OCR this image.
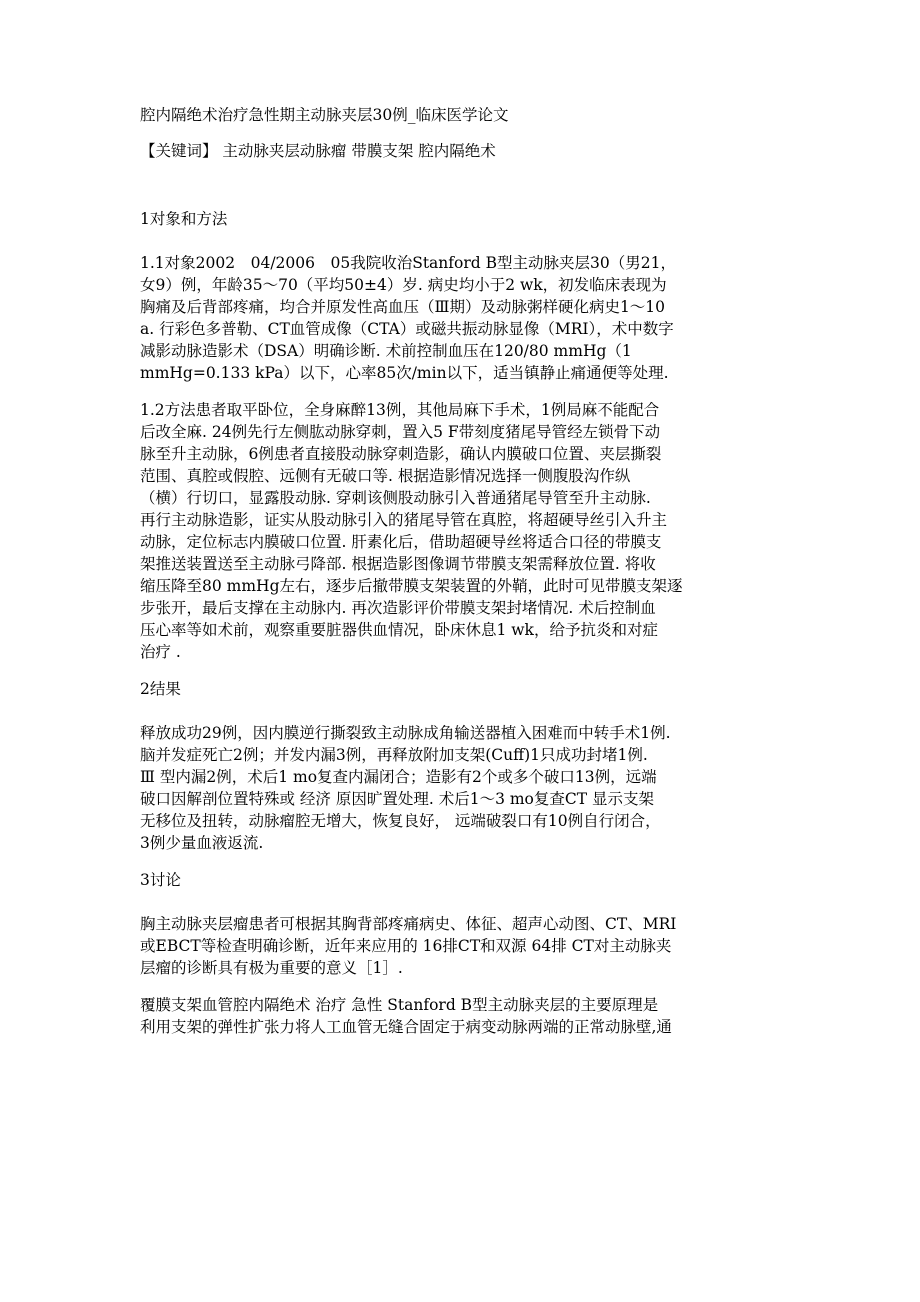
腔内隔绝术治疗急性期主动脉夹层30例_临床医学论文

【关键词】 主动脉夹层动脉瘤 带膜支架 腔内隔绝术

1对象和方法

1.1对象2002　04/2006　05我院收治Stanford B型主动脉夹层30（男21，
女9）例，年龄35～70（平均50±4）岁. 病史均小于2 wk，初发临床表现为
胸痛及后背部疼痛，均合并原发性高血压（Ⅲ期）及动脉粥样硬化病史1～10
a. 行彩色多普勒、CT血管成像（CTA）或磁共振动脉显像（MRI），术中数字
减影动脉造影术（DSA）明确诊断. 术前控制血压在120/80 mmHg（1
mmHg=0.133 kPa）以下，心率85次/min以下，适当镇静止痛通便等处理.

1.2方法患者取平卧位，全身麻醉13例，其他局麻下手术，1例局麻不能配合
后改全麻. 24例先行左侧肱动脉穿刺，置入5 F带刻度猪尾导管经左锁骨下动
脉至升主动脉，6例患者直接股动脉穿刺造影，确认内膜破口位置、夹层撕裂
范围、真腔或假腔、远侧有无破口等. 根据造影情况选择一侧腹股沟作纵
（横）行切口，显露股动脉. 穿刺该侧股动脉引入普通猪尾导管至升主动脉.
再行主动脉造影，证实从股动脉引入的猪尾导管在真腔，将超硬导丝引入升主
动脉，定位标志内膜破口位置. 肝素化后，借助超硬导丝将适合口径的带膜支
架推送装置送至主动脉弓降部. 根据造影图像调节带膜支架需释放位置. 将收
缩压降至80 mmHg左右，逐步后撤带膜支架装置的外鞘，此时可见带膜支架逐
步张开，最后支撑在主动脉内. 再次造影评价带膜支架封堵情况. 术后控制血
压心率等如术前，观察重要脏器供血情况，卧床休息1 wk，给予抗炎和对症
治疗 .

2结果

释放成功29例，因内膜逆行撕裂致主动脉成角输送器植入困难而中转手术1例.
脑并发症死亡2例；并发内漏3例，再释放附加支架(Cuff)1只成功封堵1例.
Ⅲ 型内漏2例，术后1 mo复查内漏闭合；造影有2个或多个破口13例，远端
破口因解剖位置特殊或 经济 原因旷置处理. 术后1～3 mo复查CT 显示支架
无移位及扭转，动脉瘤腔无增大，恢复良好， 远端破裂口有10例自行闭合，
3例少量血液返流.

3讨论

胸主动脉夹层瘤患者可根据其胸背部疼痛病史、体征、超声心动图、CT、MRI
或EBCT等检查明确诊断，近年来应用的 16排CT和双源 64排 CT对主动脉夹
层瘤的诊断具有极为重要的意义［1］.

覆膜支架血管腔内隔绝术 治疗 急性 Stanford B型主动脉夹层的主要原理是
利用支架的弹性扩张力将人工血管无缝合固定于病变动脉两端的正常动脉壁,通
